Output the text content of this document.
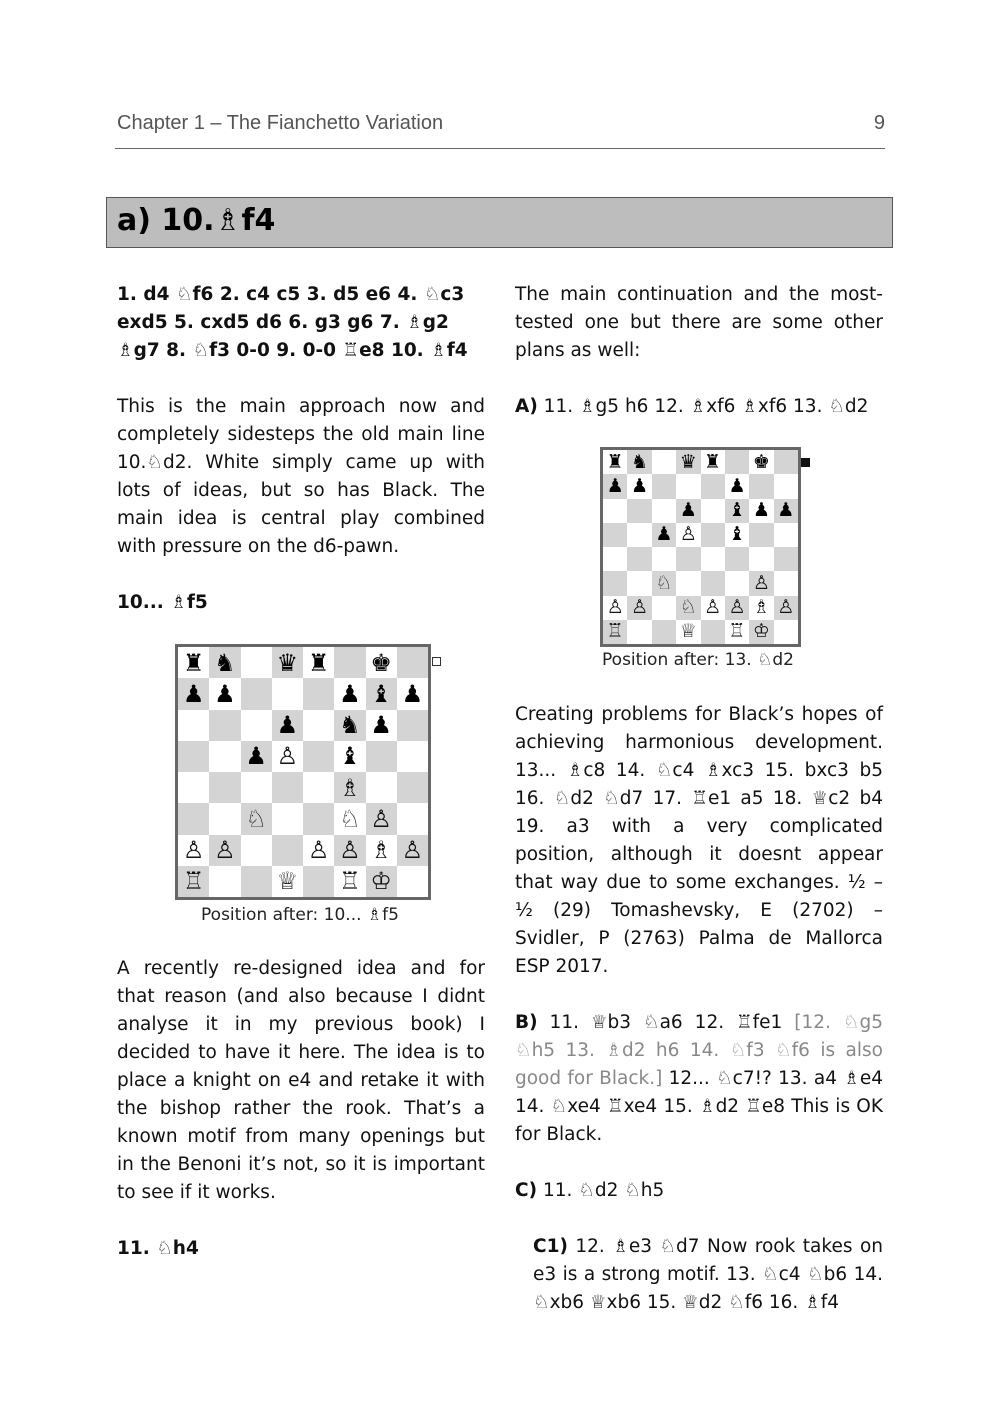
Chapter 1 – The Fianchetto Variation	9
a) 10.♗f4

1. d4 ♘f6 2. c4 c5 3. d5 e6 4. ♘c3 exd5 5. cxd5 d6 6. g3 g6 7. ♗g2 ♗g7 8. ♘f3 0-0 9. 0-0 ♖e8 10. ♗f4

This is the main approach now and completely sidesteps the old main line 10.♘d2. White simply came up with lots of ideas, but so has Black. The main idea is central play combined with pressure on the d6-pawn.

10... ♗f5

A recently re-designed idea and for that reason (and also because I didnt analyse it in my previous book) I decided to have it here. The idea is to place a knight on e4 and retake it with the bishop rather the rook. That’s a known motif from many openings but in the Benoni it’s not, so it is important to see if it works.

11. ♘h4

The main continuation and the most-tested one but there are some other plans as well:

A) 11. ♗g5 h6 12. ♗xf6 ♗xf6 13. ♘d2

Creating problems for Black’s hopes of achieving harmonious development. 13... ♗c8 14. ♘c4 ♗xc3 15. bxc3 b5 16. ♘d2 ♘d7 17. ♖e1 a5 18. ♕c2 b4 19. a3 with a very complicated position, although it doesnt appear that way due to some exchanges. ½ – ½ (29) Tomashevsky, E (2702) – Svidler, P (2763) Palma de Mallorca ESP 2017.

B) 11. ♕b3 ♘a6 12. ♖fe1 [12. ♘g5 ♘h5 13. ♗d2 h6 14. ♘f3 ♘f6 is also good for Black.] 12... ♘c7!? 13. a4 ♗e4 14. ♘xe4 ♖xe4 15. ♗d2 ♖e8 This is OK for Black.

C) 11. ♘d2 ♘h5

C1) 12. ♗e3 ♘d7 Now rook takes on e3 is a strong motif. 13. ♘c4 ♘b6 14. ♘xb6 ♕xb6 15. ♕d2 ♘f6 16. ♗f4

♜ ♞ ♛ ♜ ♚
♟ ♟	♟ ♝ ♟
♟ ♞ ♟
♟ ♙ ♝
♗
♘	♘ ♙
♙ ♙	♙ ♙ ♗ ♙
♖	♕ ♖ ♔
Position after: 10... ♗f5
♜ ♞ ♛ ♜ ♚
♟ ♟	♟
♟ ♝ ♟ ♟
♟ ♙ ♝
♘	♙
♙ ♙ ♘ ♙ ♙ ♗ ♙
♖	♕ ♖ ♔
Position after: 13. ♘d2
